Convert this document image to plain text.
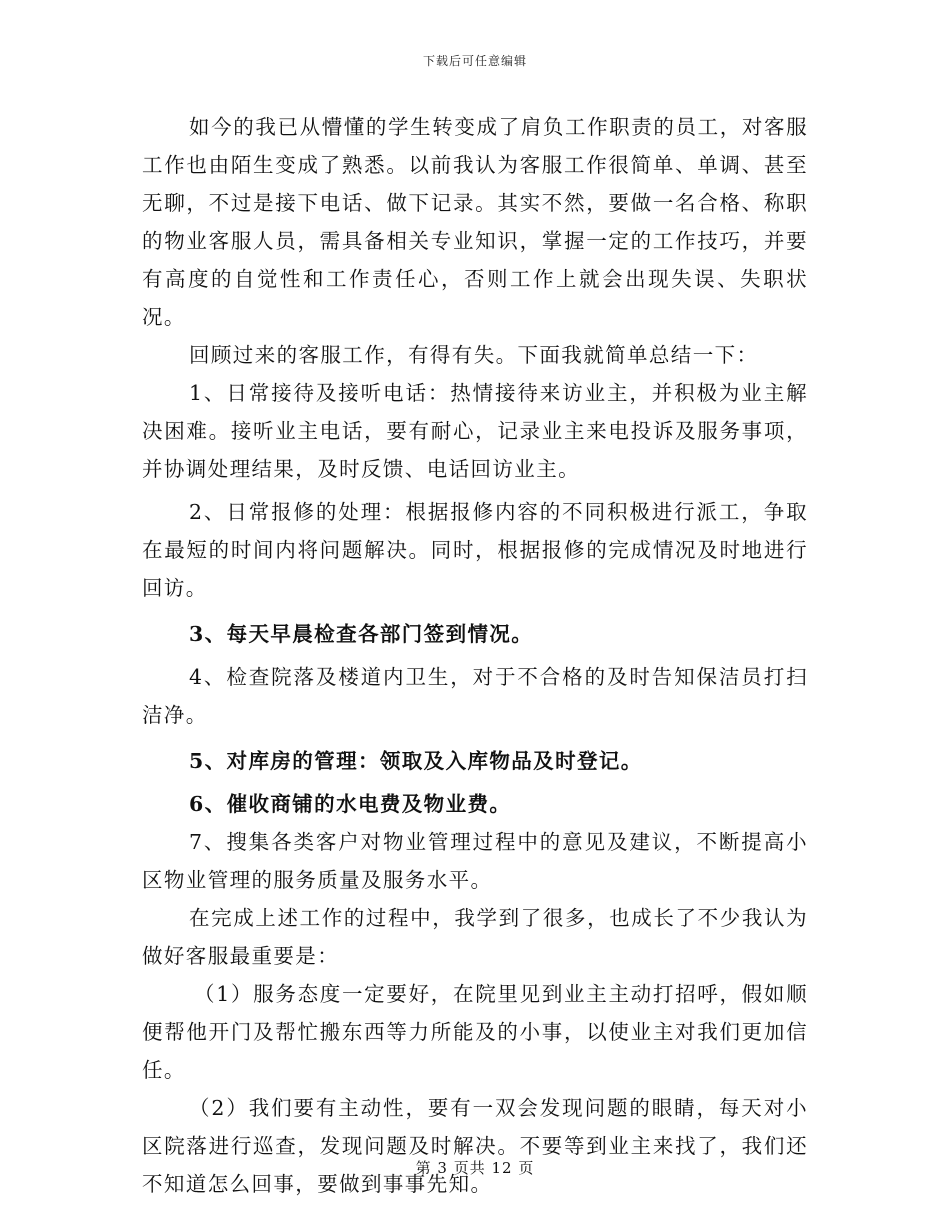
下载后可任意编辑

如今的我已从懵懂的学生转变成了肩负工作职责的员工，对客服工作也由陌生变成了熟悉。以前我认为客服工作很简单、单调、甚至无聊，不过是接下电话、做下记录。其实不然，要做一名合格、称职的物业客服人员，需具备相关专业知识，掌握一定的工作技巧，并要有高度的自觉性和工作责任心，否则工作上就会出现失误、失职状况。

回顾过来的客服工作，有得有失。下面我就简单总结一下：

1、日常接待及接听电话：热情接待来访业主，并积极为业主解决困难。接听业主电话，要有耐心，记录业主来电投诉及服务事项，并协调处理结果，及时反馈、电话回访业主。

2、日常报修的处理：根据报修内容的不同积极进行派工，争取在最短的时间内将问题解决。同时，根据报修的完成情况及时地进行回访。

3、每天早晨检查各部门签到情况。

4、检查院落及楼道内卫生，对于不合格的及时告知保洁员打扫洁净。

5、对库房的管理：领取及入库物品及时登记。

6、催收商铺的水电费及物业费。

7、搜集各类客户对物业管理过程中的意见及建议，不断提高小区物业管理的服务质量及服务水平。

在完成上述工作的过程中，我学到了很多，也成长了不少我认为做好客服最重要是：

（1）服务态度一定要好，在院里见到业主主动打招呼，假如顺便帮他开门及帮忙搬东西等力所能及的小事，以使业主对我们更加信任。

（2）我们要有主动性，要有一双会发现问题的眼睛，每天对小区院落进行巡查，发现问题及时解决。不要等到业主来找了，我们还不知道怎么回事，要做到事事先知。

第 3 页共 12 页
